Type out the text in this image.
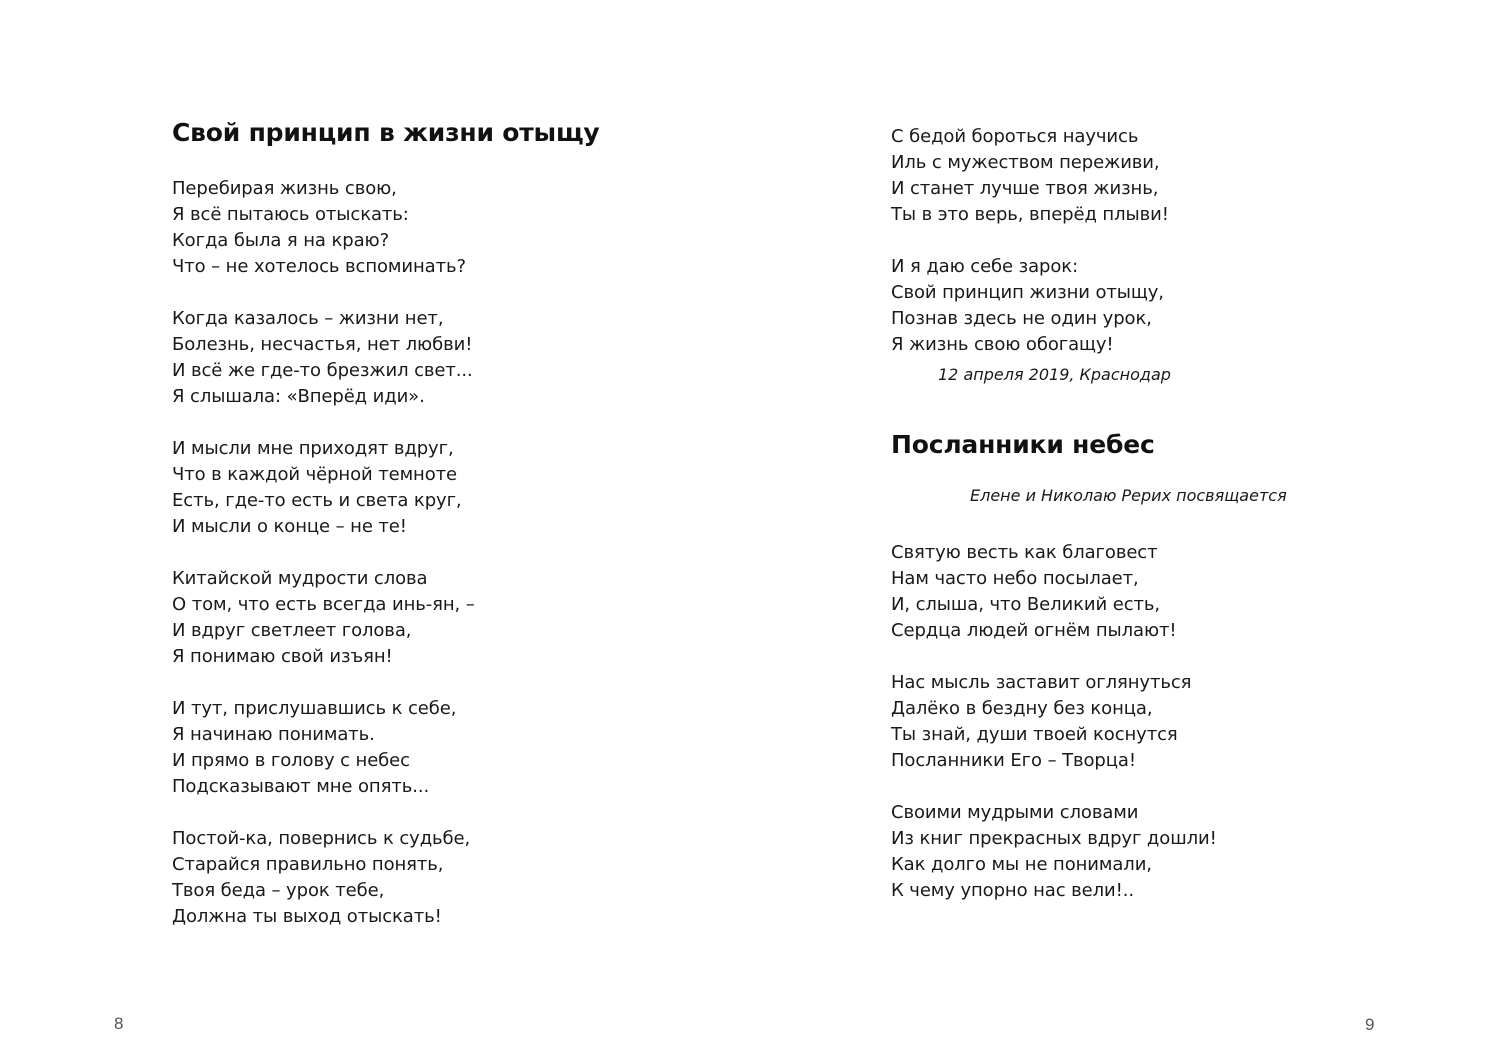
Свой принцип в жизни отыщу
Перебирая жизнь свою,
Я всё пытаюсь отыскать:
Когда была я на краю?
Что – не хотелось вспоминать?
Когда казалось – жизни нет,
Болезнь, несчастья, нет любви!
И всё же где-то брезжил свет...
Я слышала: «Вперёд иди».
И мысли мне приходят вдруг,
Что в каждой чёрной темноте
Есть, где-то есть и света круг,
И мысли о конце – не те!
Китайской мудрости слова
О том, что есть всегда инь-ян, –
И вдруг светлеет голова,
Я понимаю свой изъян!
И тут, прислушавшись к себе,
Я начинаю понимать.
И прямо в голову с небес
Подсказывают мне опять...
Постой-ка, повернись к судьбе,
Старайся правильно понять,
Твоя беда – урок тебе,
Должна ты выход отыскать!
8
С бедой бороться научись
Иль с мужеством переживи,
И станет лучше твоя жизнь,
Ты в это верь, вперёд плыви!
И я даю себе зарок:
Свой принцип жизни отыщу,
Познав здесь не один урок,
Я жизнь свою обогащу!
12 апреля 2019, Краснодар
Посланники небес
Елене и Николаю Рерих посвящается
Святую весть как благовест
Нам часто небо посылает,
И, слыша, что Великий есть,
Сердца людей огнём пылают!
Нас мысль заставит оглянуться
Далёко в бездну без конца,
Ты знай, души твоей коснутся
Посланники Его – Творца!
Своими мудрыми словами
Из книг прекрасных вдруг дошли!
Как долго мы не понимали,
К чему упорно нас вели!..
9
